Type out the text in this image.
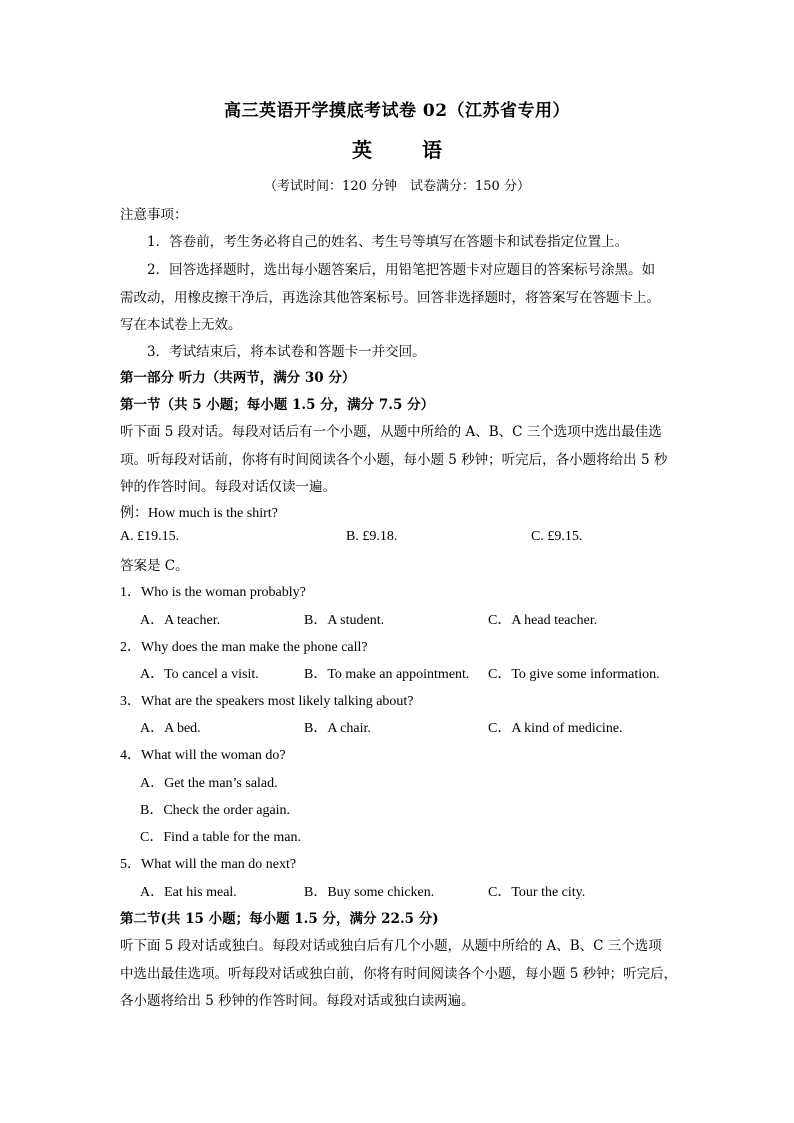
高三英语开学摸底考试卷 02（江苏省专用）
英	语
（考试时间：120 分钟　试卷满分：150 分）
注意事项：
1．答卷前，考生务必将自己的姓名、考生号等填写在答题卡和试卷指定位置上。
2．回答选择题时，选出每小题答案后，用铅笔把答题卡对应题目的答案标号涂黑。如
需改动，用橡皮擦干净后，再选涂其他答案标号。回答非选择题时，将答案写在答题卡上。
写在本试卷上无效。
3．考试结束后，将本试卷和答题卡一并交回。
第一部分 听力（共两节，满分 30 分）
第一节（共 5 小题；每小题 1.5 分，满分 7.5 分）
听下面 5 段对话。每段对话后有一个小题，从题中所给的 A、B、C 三个选项中选出最佳选
项。听每段对话前，你将有时间阅读各个小题，每小题 5 秒钟；听完后，各小题将给出 5 秒
钟的作答时间。每段对话仅读一遍。
例：How much is the shirt?
A. £19.15.	B. £9.18.	C. £9.15.
答案是 C。
1．Who is the woman probably?
A．A teacher.	B．A student.	C．A head teacher.
2．Why does the man make the phone call?
A．To cancel a visit.	B．To make an appointment. C．To give some information.
3．What are the speakers most likely talking about?
A．A bed.	B．A chair.	C．A kind of medicine.
4．What will the woman do?
A．Get the man’s salad.
B．Check the order again.
C．Find a table for the man.
5．What will the man do next?
A．Eat his meal.	B．Buy some chicken.	C．Tour the city.
第二节(共 15 小题；每小题 1.5 分，满分 22.5 分)
听下面 5 段对话或独白。每段对话或独白后有几个小题，从题中所给的 A、B、C 三个选项
中选出最佳选项。听每段对话或独白前，你将有时间阅读各个小题，每小题 5 秒钟；听完后，
各小题将给出 5 秒钟的作答时间。每段对话或独白读两遍。
